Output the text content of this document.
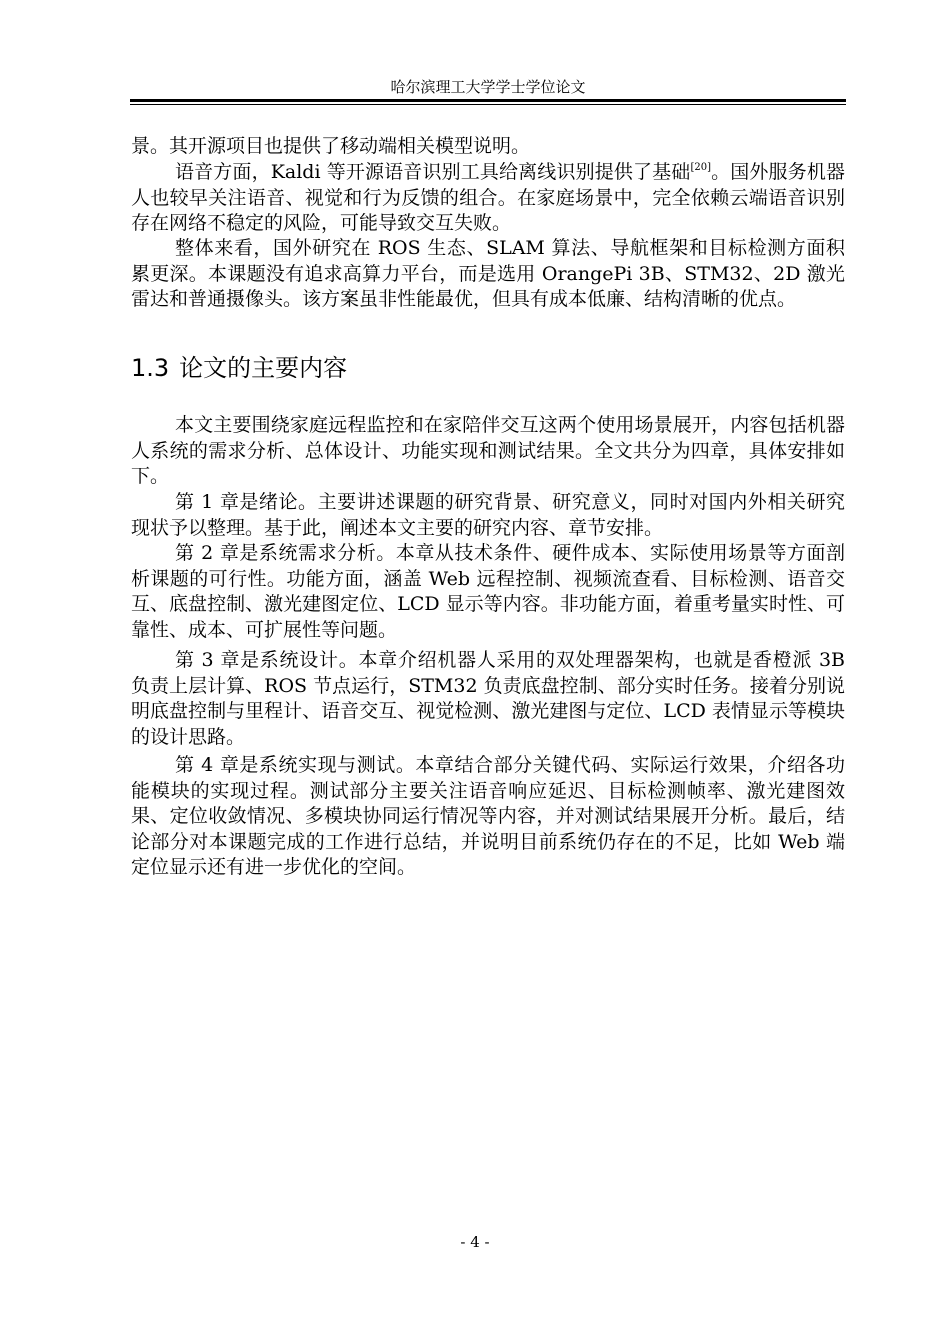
哈尔滨理工大学学士学位论文

景。其开源项目也提供了移动端相关模型说明。

语音方面，Kaldi 等开源语音识别工具给离线识别提供了基础[20]。国外服务机器人也较早关注语音、视觉和行为反馈的组合。在家庭场景中，完全依赖云端语音识别存在网络不稳定的风险，可能导致交互失败。

整体来看，国外研究在 ROS 生态、SLAM 算法、导航框架和目标检测方面积累更深。本课题没有追求高算力平台，而是选用 OrangePi 3B、STM32、2D 激光雷达和普通摄像头。该方案虽非性能最优，但具有成本低廉、结构清晰的优点。

1.3 论文的主要内容

本文主要围绕家庭远程监控和在家陪伴交互这两个使用场景展开，内容包括机器人系统的需求分析、总体设计、功能实现和测试结果。全文共分为四章，具体安排如下。

第 1 章是绪论。主要讲述课题的研究背景、研究意义，同时对国内外相关研究现状予以整理。基于此，阐述本文主要的研究内容、章节安排。

第 2 章是系统需求分析。本章从技术条件、硬件成本、实际使用场景等方面剖析课题的可行性。功能方面，涵盖 Web 远程控制、视频流查看、目标检测、语音交互、底盘控制、激光建图定位、LCD 显示等内容。非功能方面，着重考量实时性、可靠性、成本、可扩展性等问题。

第 3 章是系统设计。本章介绍机器人采用的双处理器架构，也就是香橙派 3B 负责上层计算、ROS 节点运行，STM32 负责底盘控制、部分实时任务。接着分别说明底盘控制与里程计、语音交互、视觉检测、激光建图与定位、LCD 表情显示等模块的设计思路。

第 4 章是系统实现与测试。本章结合部分关键代码、实际运行效果，介绍各功能模块的实现过程。测试部分主要关注语音响应延迟、目标检测帧率、激光建图效果、定位收敛情况、多模块协同运行情况等内容，并对测试结果展开分析。最后，结论部分对本课题完成的工作进行总结，并说明目前系统仍存在的不足，比如 Web 端定位显示还有进一步优化的空间。

- 4 -
